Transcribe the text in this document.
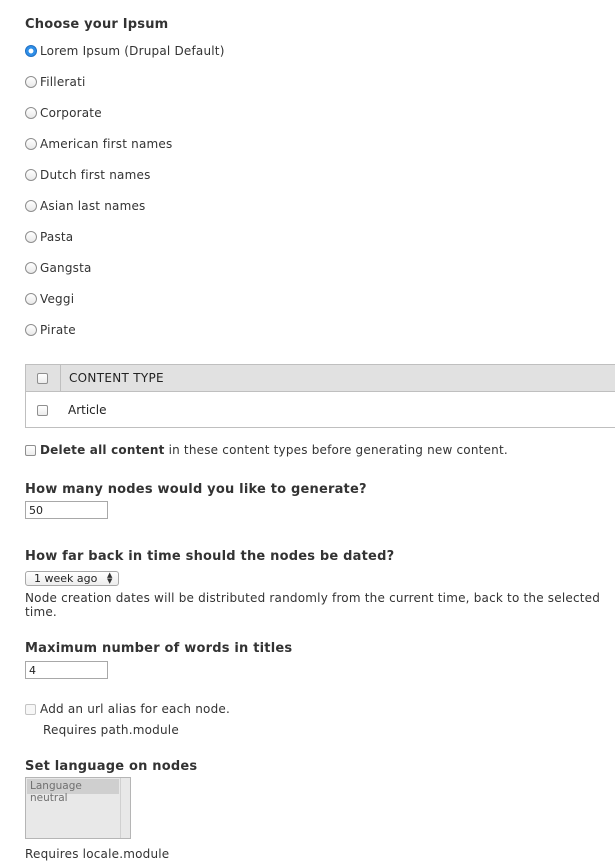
Choose your Ipsum
Lorem Ipsum (Drupal Default)
Fillerati
Corporate
American first names
Dutch first names
Asian last names
Pasta
Gangsta
Veggi
Pirate
CONTENT TYPE
Article
Delete all content in these content types before generating new content.
How many nodes would you like to generate?
50
How far back in time should the nodes be dated?
1 week ago ▲
▼
Node creation dates will be distributed randomly from the current time, back to the selected time.
Maximum number of words in titles
4
Add an url alias for each node.
Requires path.module
Set language on nodes
Language neutral
Requires locale.module
